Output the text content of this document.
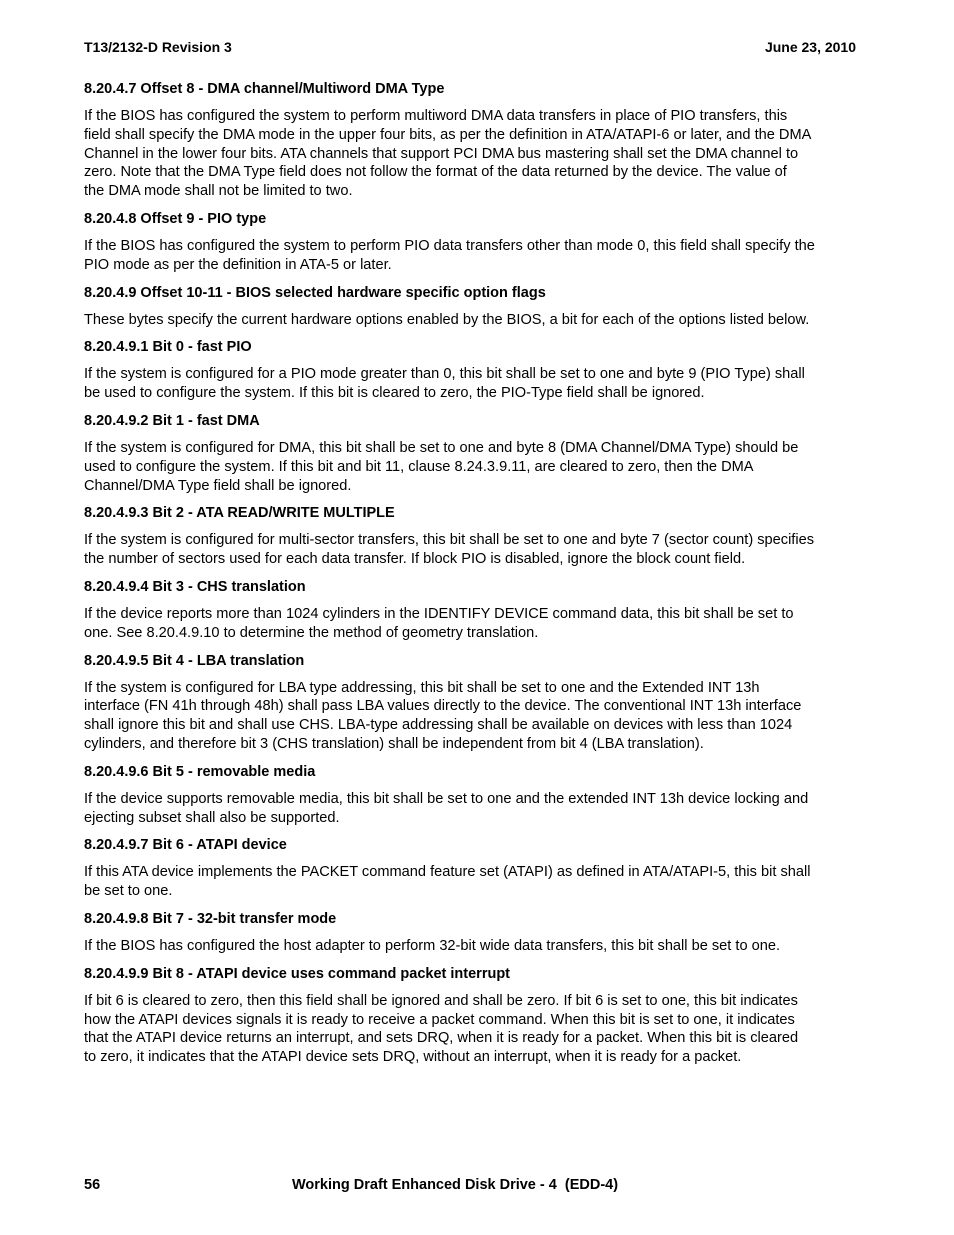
T13/2132-D Revision 3	June 23, 2010
8.20.4.7 Offset 8 - DMA channel/Multiword DMA Type

If the BIOS has configured the system to perform multiword DMA data transfers in place of PIO transfers, this
field shall specify the DMA mode in the upper four bits, as per the definition in ATA/ATAPI-6 or later, and the DMA
Channel in the lower four bits. ATA channels that support PCI DMA bus mastering shall set the DMA channel to
zero. Note that the DMA Type field does not follow the format of the data returned by the device. The value of
the DMA mode shall not be limited to two.

8.20.4.8 Offset 9 - PIO type

If the BIOS has configured the system to perform PIO data transfers other than mode 0, this field shall specify the
PIO mode as per the definition in ATA-5 or later.

8.20.4.9 Offset 10-11 - BIOS selected hardware specific option flags

These bytes specify the current hardware options enabled by the BIOS, a bit for each of the options listed below.

8.20.4.9.1 Bit 0 - fast PIO

If the system is configured for a PIO mode greater than 0, this bit shall be set to one and byte 9 (PIO Type) shall
be used to configure the system. If this bit is cleared to zero, the PIO-Type field shall be ignored.

8.20.4.9.2 Bit 1 - fast DMA

If the system is configured for DMA, this bit shall be set to one and byte 8 (DMA Channel/DMA Type) should be
used to configure the system. If this bit and bit 11, clause 8.24.3.9.11, are cleared to zero, then the DMA
Channel/DMA Type field shall be ignored.

8.20.4.9.3 Bit 2 - ATA READ/WRITE MULTIPLE

If the system is configured for multi-sector transfers, this bit shall be set to one and byte 7 (sector count) specifies
the number of sectors used for each data transfer. If block PIO is disabled, ignore the block count field.

8.20.4.9.4 Bit 3 - CHS translation

If the device reports more than 1024 cylinders in the IDENTIFY DEVICE command data, this bit shall be set to
one. See 8.20.4.9.10 to determine the method of geometry translation.

8.20.4.9.5 Bit 4 - LBA translation

If the system is configured for LBA type addressing, this bit shall be set to one and the Extended INT 13h
interface (FN 41h through 48h) shall pass LBA values directly to the device. The conventional INT 13h interface
shall ignore this bit and shall use CHS. LBA-type addressing shall be available on devices with less than 1024
cylinders, and therefore bit 3 (CHS translation) shall be independent from bit 4 (LBA translation).

8.20.4.9.6 Bit 5 - removable media

If the device supports removable media, this bit shall be set to one and the extended INT 13h device locking and
ejecting subset shall also be supported.

8.20.4.9.7 Bit 6 - ATAPI device

If this ATA device implements the PACKET command feature set (ATAPI) as defined in ATA/ATAPI-5, this bit shall
be set to one.

8.20.4.9.8 Bit 7 - 32-bit transfer mode

If the BIOS has configured the host adapter to perform 32-bit wide data transfers, this bit shall be set to one.

8.20.4.9.9 Bit 8 - ATAPI device uses command packet interrupt

If bit 6 is cleared to zero, then this field shall be ignored and shall be zero. If bit 6 is set to one, this bit indicates
how the ATAPI devices signals it is ready to receive a packet command. When this bit is set to one, it indicates
that the ATAPI device returns an interrupt, and sets DRQ, when it is ready for a packet. When this bit is cleared
to zero, it indicates that the ATAPI device sets DRQ, without an interrupt, when it is ready for a packet.

56	Working Draft Enhanced Disk Drive - 4  (EDD-4)
